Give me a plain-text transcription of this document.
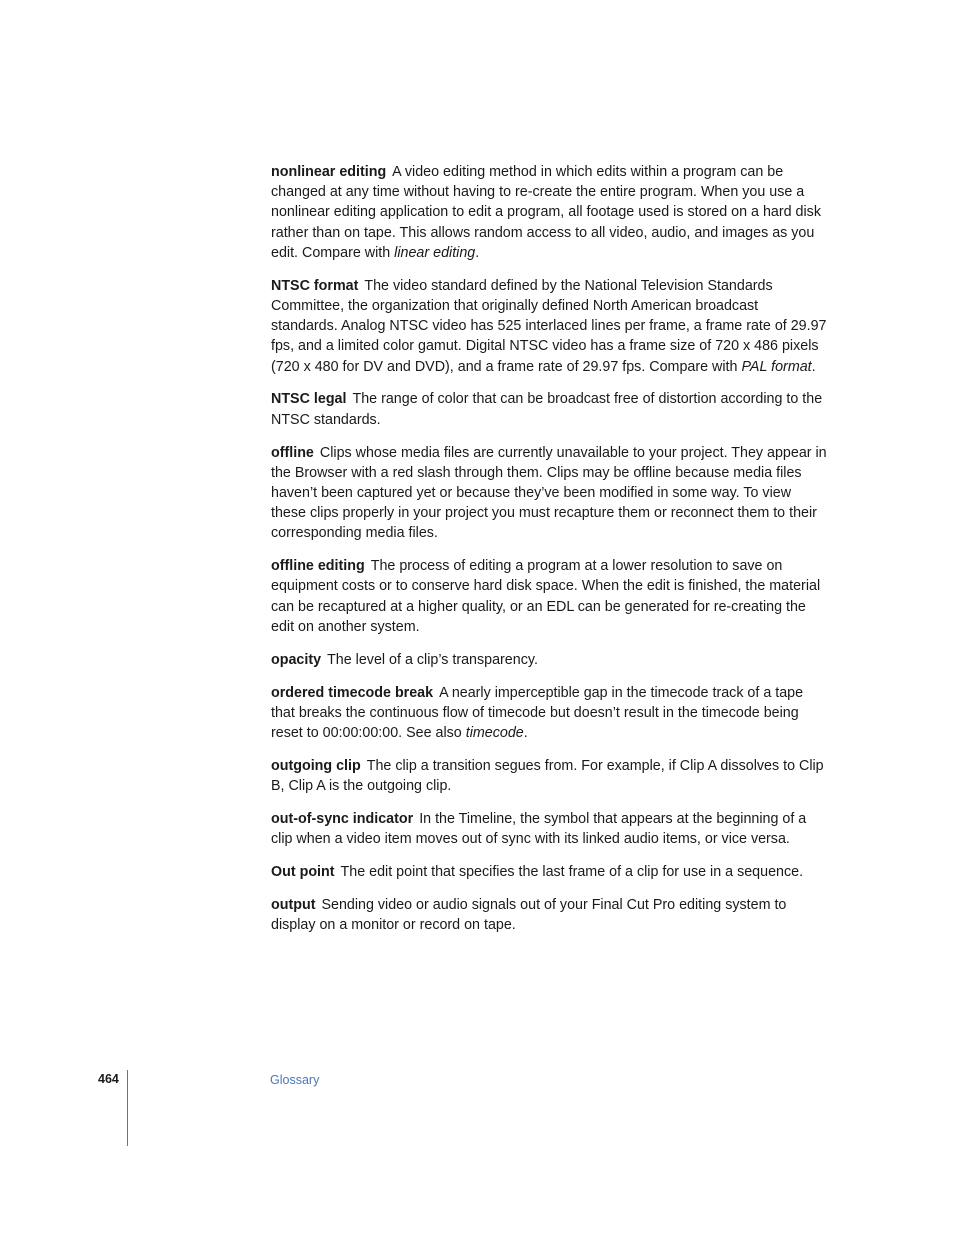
nonlinear editing A video editing method in which edits within a program can be changed at any time without having to re-create the entire program. When you use a nonlinear editing application to edit a program, all footage used is stored on a hard disk rather than on tape. This allows random access to all video, audio, and images as you edit. Compare with linear editing.

NTSC format The video standard defined by the National Television Standards Committee, the organization that originally defined North American broadcast standards. Analog NTSC video has 525 interlaced lines per frame, a frame rate of 29.97 fps, and a limited color gamut. Digital NTSC video has a frame size of 720 x 486 pixels (720 x 480 for DV and DVD), and a frame rate of 29.97 fps. Compare with PAL format.

NTSC legal The range of color that can be broadcast free of distortion according to the NTSC standards.

offline Clips whose media files are currently unavailable to your project. They appear in the Browser with a red slash through them. Clips may be offline because media files haven’t been captured yet or because they’ve been modified in some way. To view these clips properly in your project you must recapture them or reconnect them to their corresponding media files.

offline editing The process of editing a program at a lower resolution to save on equipment costs or to conserve hard disk space. When the edit is finished, the material can be recaptured at a higher quality, or an EDL can be generated for re-creating the edit on another system.

opacity The level of a clip’s transparency.

ordered timecode break A nearly imperceptible gap in the timecode track of a tape that breaks the continuous flow of timecode but doesn’t result in the timecode being reset to 00:00:00:00. See also timecode.

outgoing clip The clip a transition segues from. For example, if Clip A dissolves to Clip B, Clip A is the outgoing clip.

out-of-sync indicator In the Timeline, the symbol that appears at the beginning of a clip when a video item moves out of sync with its linked audio items, or vice versa.

Out point The edit point that specifies the last frame of a clip for use in a sequence.

output Sending video or audio signals out of your Final Cut Pro editing system to display on a monitor or record on tape.

464	Glossary
